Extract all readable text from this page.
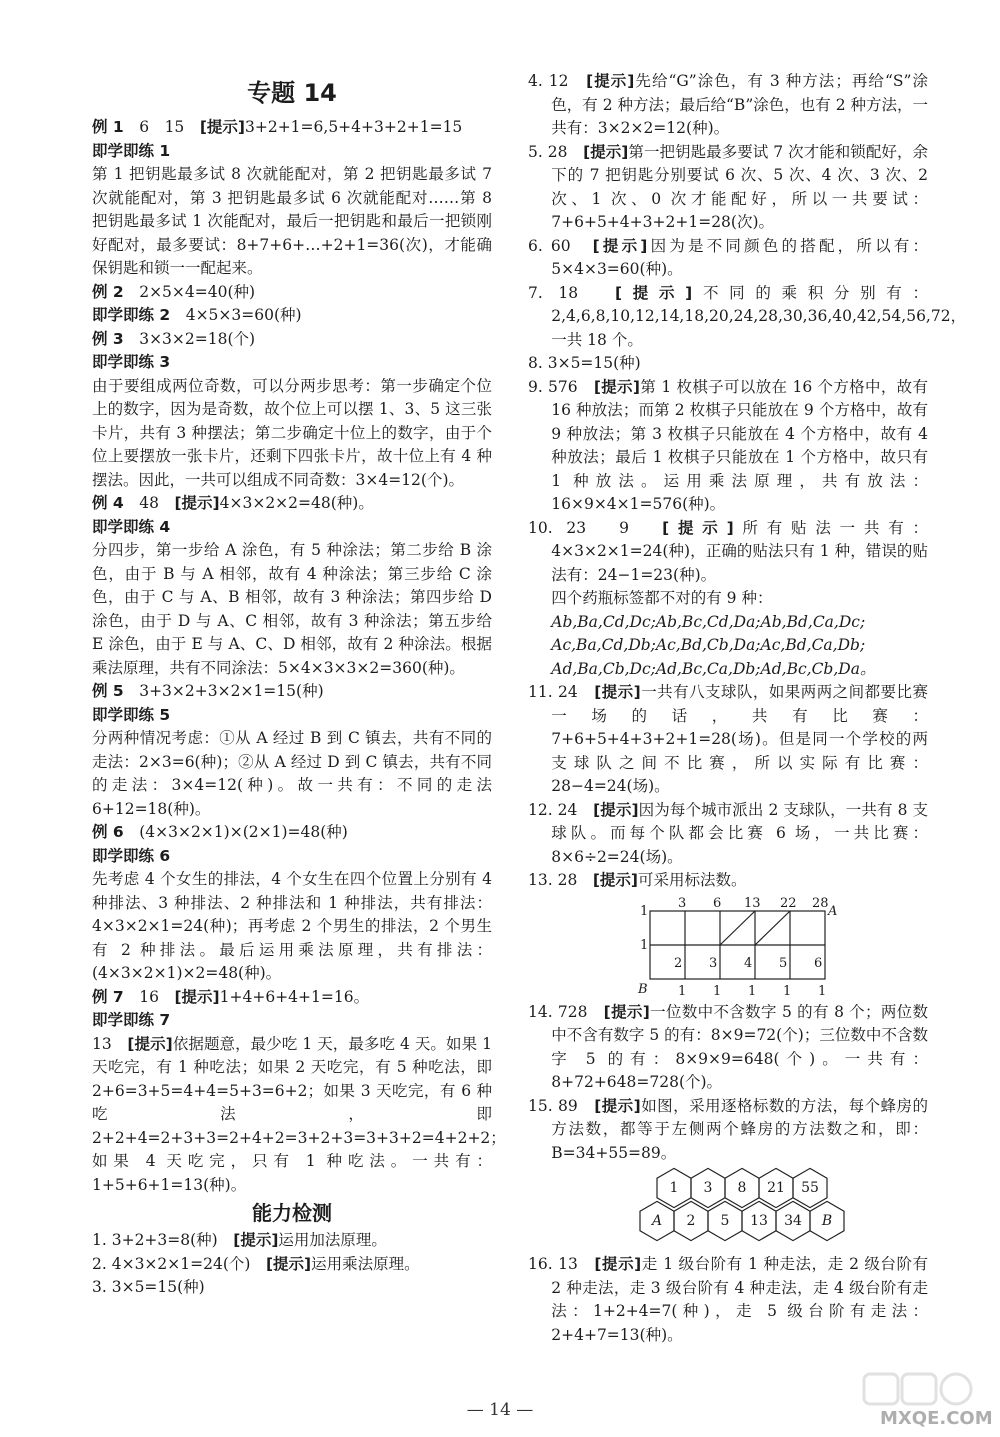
专题 14

例 1　 6　15　 [提示]3+2+1=6,5+4+3+2+1=15

即学即练 1

第 1 把钥匙最多试 8 次就能配对，第 2 把钥匙最多试 7 次就能配对，第 3 把钥匙最多试 6 次就能配对……第 8 把钥匙最多试 1 次能配对，最后一把钥匙和最后一把锁刚好配对，最多要试：8+7+6+…+2+1=36(次)，才能确保钥匙和锁一一配起来。

例 2　 2×5×4=40(种)

即学即练 2　 4×5×3=60(种)

例 3　 3×3×2=18(个)

即学即练 3

由于要组成两位奇数，可以分两步思考：第一步确定个位上的数字，因为是奇数，故个位上可以摆 1、3、5 这三张卡片，共有 3 种摆法；第二步确定十位上的数字，由于个位上要摆放一张卡片，还剩下四张卡片，故十位上有 4 种摆法。因此，一共可以组成不同奇数：3×4=12(个)。

例 4　 48　 [提示]4×3×2×2=48(种)。

即学即练 4

分四步，第一步给 A 涂色，有 5 种涂法；第二步给 B 涂色，由于 B 与 A 相邻，故有 4 种涂法；第三步给 C 涂色，由于 C 与 A、B 相邻，故有 3 种涂法；第四步给 D 涂色，由于 D 与 A、C 相邻，故有 3 种涂法；第五步给 E 涂色，由于 E 与 A、C、D 相邻，故有 2 种涂法。根据乘法原理，共有不同涂法：5×4×3×3×2=360(种)。

例 5　 3+3×2+3×2×1=15(种)

即学即练 5

分两种情况考虑：①从 A 经过 B 到 C 镇去，共有不同的走法：2×3=6(种)；②从 A 经过 D 到 C 镇去，共有不同的走法：3×4=12(种)。故一共有：不同的走法 6+12=18(种)。

例 6　 (4×3×2×1)×(2×1)=48(种)

即学即练 6

先考虑 4 个女生的排法，4 个女生在四个位置上分别有 4 种排法、3 种排法、2 种排法和 1 种排法，共有排法：4×3×2×1=24(种)；再考虑 2 个男生的排法，2 个男生有 2 种排法。最后运用乘法原理，共有排法：(4×3×2×1)×2=48(种)。

例 7　 16　 [提示]1+4+6+4+1=16。

即学即练 7

13　 [提示]依据题意，最少吃 1 天，最多吃 4 天。如果 1 天吃完，有 1 种吃法；如果 2 天吃完，有 5 种吃法，即 2+6=3+5=4+4=5+3=6+2；如果 3 天吃完，有 6 种吃法，即 2+2+4=2+3+3=2+4+2=3+2+3=3+3+2=4+2+2；如果 4 天吃完，只有 1 种吃法。一共有：1+5+6+1=13(种)。

能力检测

1. 3+2+3=8(种)　 [提示]运用加法原理。

2. 4×3×2×1=24(个)　 [提示]运用乘法原理。

3. 3×5=15(种)

4. 12　 [提示]先给“G”涂色，有 3 种方法；再给“S”涂色，有 2 种方法；最后给“B”涂色，也有 2 种方法，一共有：3×2×2=12(种)。

5. 28　 [提示]第一把钥匙最多要试 7 次才能和锁配好，余下的 7 把钥匙分别要试 6 次、5 次、4 次、3 次、2 次、1 次、0 次才能配好，所以一共要试：7+6+5+4+3+2+1=28(次)。

6. 60　 [提示]因为是不同颜色的搭配，所以有：5×4×3=60(种)。

7. 18　 [提示]不同的乘积分别有：2,4,6,8,10,12,14,18,20,24,28,30,36,40,42,54,56,72，一共 18 个。

8. 3×5=15(种)

9. 576　 [提示]第 1 枚棋子可以放在 16 个方格中，故有 16 种放法；而第 2 枚棋子只能放在 9 个方格中，故有 9 种放法；第 3 枚棋子只能放在 4 个方格中，故有 4 种放法；最后 1 枚棋子只能放在 1 个方格中，故只有 1 种放法。运用乘法原理，共有放法：16×9×4×1=576(种)。

10. 23　9　 [提示]所有贴法一共有：4×3×2×1=24(种)，正确的贴法只有 1 种，错误的贴法有：24−1=23(种)。

四个药瓶标签都不对的有 9 种：

Ab,Ba,Cd,Dc;Ab,Bc,Cd,Da;Ab,Bd,Ca,Dc;

Ac,Ba,Cd,Db;Ac,Bd,Cb,Da;Ac,Bd,Ca,Db;

Ad,Ba,Cb,Dc;Ad,Bc,Ca,Db;Ad,Bc,Cb,Da。

11. 24　 [提示]一共有八支球队，如果两两之间都要比赛一场的话，共有比赛：7+6+5+4+3+2+1=28(场)。但是同一个学校的两支球队之间不比赛，所以实际有比赛：28−4=24(场)。

12. 24　 [提示]因为每个城市派出 2 支球队，一共有 8 支球队。而每个队都会比赛 6 场，一共比赛：8×6÷2=24(场)。

13. 28　 [提示]可采用标法数。

1
3 6 13 22 28
A
1
2 3 4 5 6
B 1 1 1 1 1

14. 728　 [提示]一位数中不含数字 5 的有 8 个；两位数中不含有数字 5 的有：8×9=72(个)；三位数中不含数字 5 的有：8×9×9=648(个)。一共有：8+72+648=728(个)。

15. 89　 [提示]如图，采用逐格标数的方法，每个蜂房的方法数，都等于左侧两个蜂房的方法数之和，即：B=34+55=89。

1 3 8 21 55
A 2 5 13 34 B

16. 13　 [提示]走 1 级台阶有 1 种走法，走 2 级台阶有 2 种走法，走 3 级台阶有 4 种走法，走 4 级台阶有走法：1+2+4=7(种)，走 5 级台阶有走法：2+4+7=13(种)。

— 14 —	MXQE.COM
